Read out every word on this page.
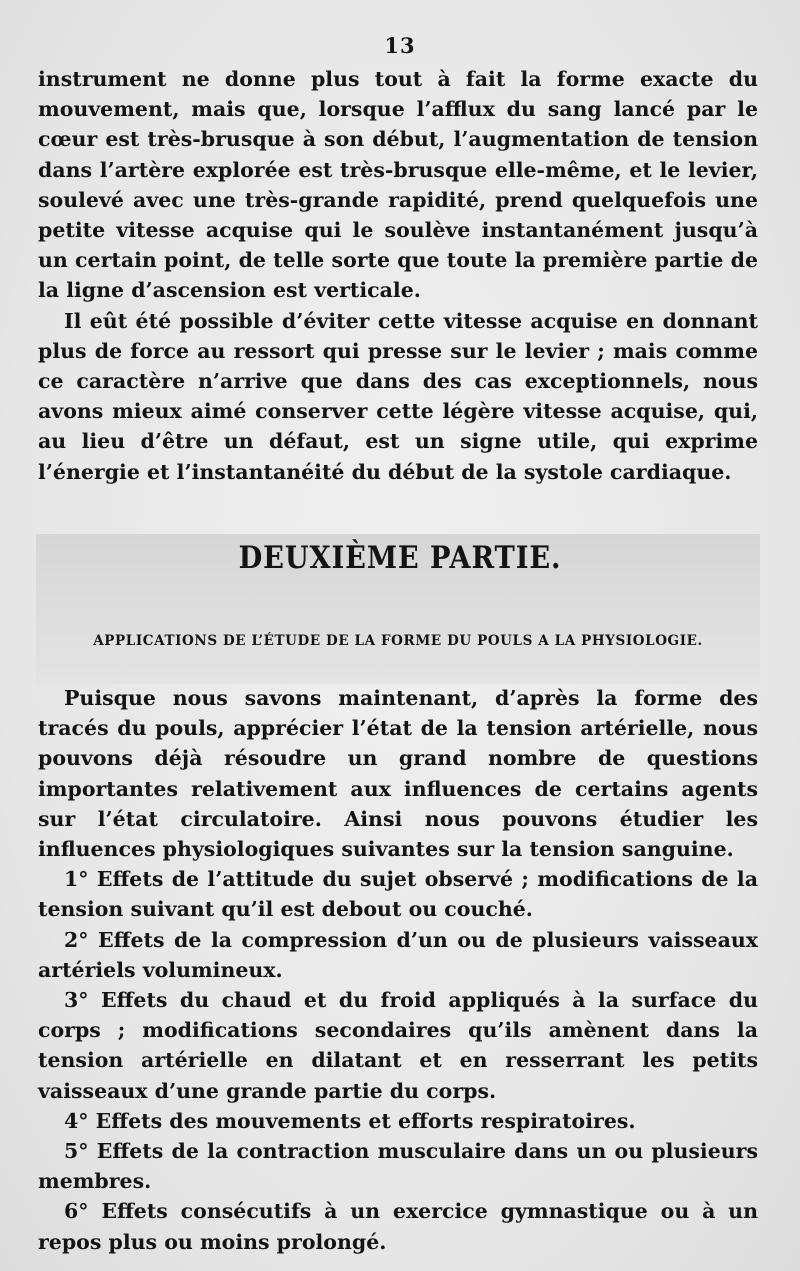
13

instrument ne donne plus tout à fait la forme exacte du mouvement, mais que, lorsque l’afflux du sang lancé par le cœur est très-brusque à son début, l’augmentation de tension dans l’artère explorée est très-brusque elle-même, et le levier, soulevé avec une très-grande rapidité, prend quelquefois une petite vitesse acquise qui le soulève instantanément jusqu’à un certain point, de telle sorte que toute la première partie de la ligne d’ascension est verticale.

Il eût été possible d’éviter cette vitesse acquise en donnant plus de force au ressort qui presse sur le levier ; mais comme ce caractère n’arrive que dans des cas exceptionnels, nous avons mieux aimé conserver cette légère vitesse acquise, qui, au lieu d’être un défaut, est un signe utile, qui exprime l’énergie et l’instantanéité du début de la systole cardiaque.

DEUXIÈME PARTIE.
APPLICATIONS DE L’ÉTUDE DE LA FORME DU POULS A LA PHYSIOLOGIE.

Puisque nous savons maintenant, d’après la forme des tracés du pouls, apprécier l’état de la tension artérielle, nous pouvons déjà résoudre un grand nombre de questions importantes relativement aux influences de certains agents sur l’état circulatoire. Ainsi nous pouvons étudier les influences physiologiques suivantes sur la tension sanguine.

1° Effets de l’attitude du sujet observé ; modifications de la tension suivant qu’il est debout ou couché.

2° Effets de la compression d’un ou de plusieurs vaisseaux artériels volumineux.

3° Effets du chaud et du froid appliqués à la surface du corps ; modifications secondaires qu’ils amènent dans la tension artérielle en dilatant et en resserrant les petits vaisseaux d’une grande partie du corps.

4° Effets des mouvements et efforts respiratoires.

5° Effets de la contraction musculaire dans un ou plusieurs membres.

6° Effets consécutifs à un exercice gymnastique ou à un repos plus ou moins prolongé.
